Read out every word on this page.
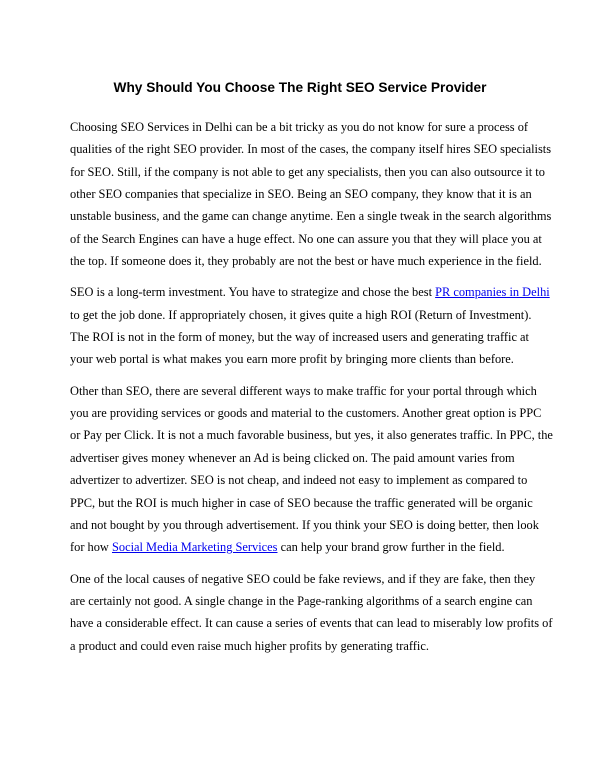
Why Should You Choose The Right SEO Service Provider

Choosing SEO Services in Delhi can be a bit tricky as you do not know for sure a process of
qualities of the right SEO provider. In most of the cases, the company itself hires SEO specialists
for SEO. Still, if the company is not able to get any specialists, then you can also outsource it to
other SEO companies that specialize in SEO. Being an SEO company, they know that it is an
unstable business, and the game can change anytime. Een a single tweak in the search algorithms
of the Search Engines can have a huge effect. No one can assure you that they will place you at
the top. If someone does it, they probably are not the best or have much experience in the field.

SEO is a long-term investment. You have to strategize and chose the best PR companies in Delhi
to get the job done. If appropriately chosen, it gives quite a high ROI (Return of Investment).
The ROI is not in the form of money, but the way of increased users and generating traffic at
your web portal is what makes you earn more profit by bringing more clients than before.

Other than SEO, there are several different ways to make traffic for your portal through which
you are providing services or goods and material to the customers. Another great option is PPC
or Pay per Click. It is not a much favorable business, but yes, it also generates traffic. In PPC, the
advertiser gives money whenever an Ad is being clicked on. The paid amount varies from
advertizer to advertizer. SEO is not cheap, and indeed not easy to implement as compared to
PPC, but the ROI is much higher in case of SEO because the traffic generated will be organic
and not bought by you through advertisement. If you think your SEO is doing better, then look
for how Social Media Marketing Services can help your brand grow further in the field.

One of the local causes of negative SEO could be fake reviews, and if they are fake, then they
are certainly not good. A single change in the Page-ranking algorithms of a search engine can
have a considerable effect. It can cause a series of events that can lead to miserably low profits of
a product and could even raise much higher profits by generating traffic.
